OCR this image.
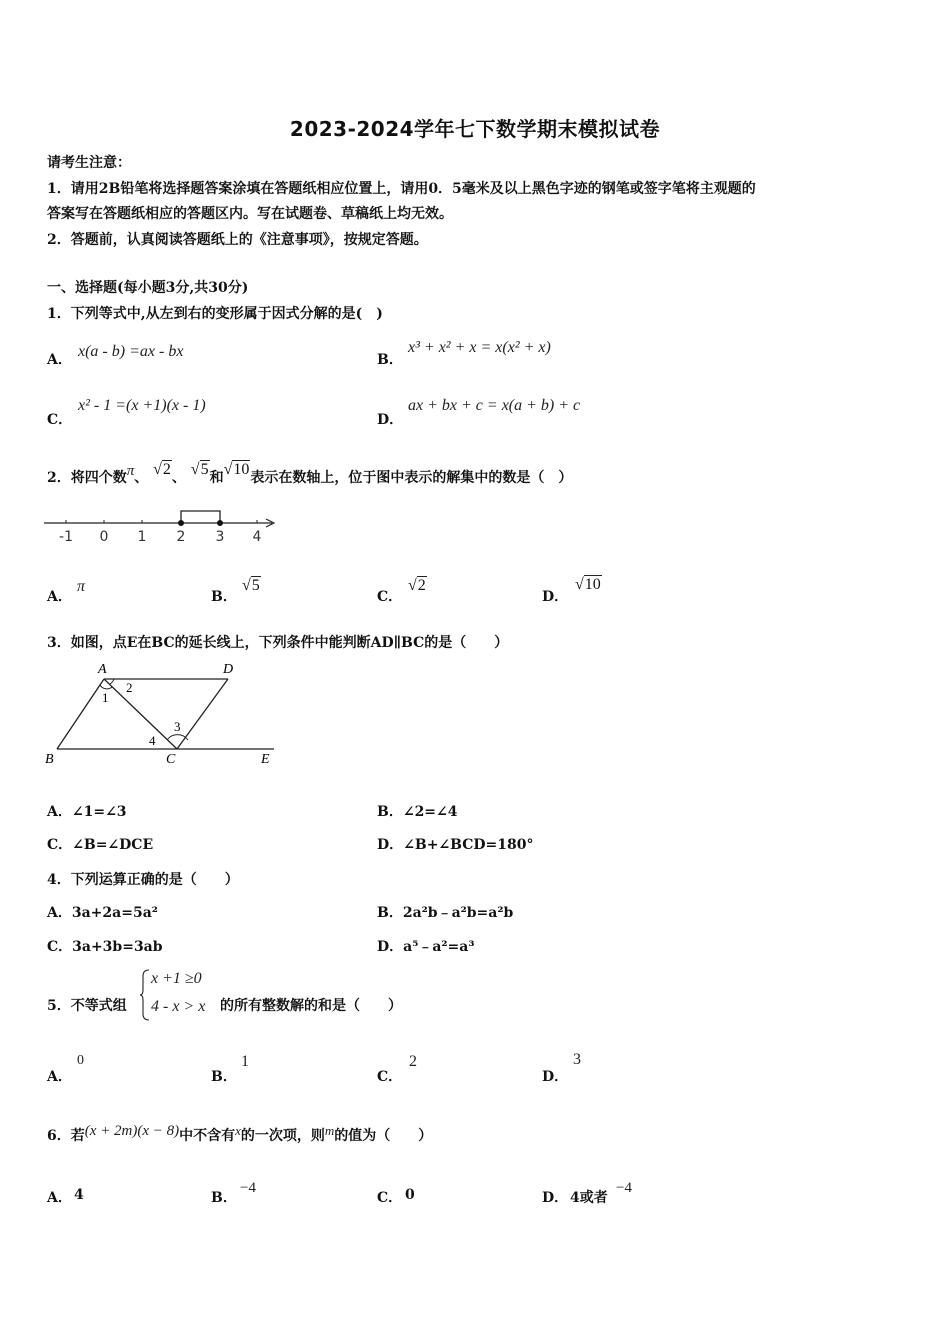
2023-2024学年七下数学期末模拟试卷
请考生注意：
1．请用2B铅笔将选择题答案涂填在答题纸相应位置上，请用0．5毫米及以上黑色字迹的钢笔或签字笔将主观题的
答案写在答题纸相应的答题区内。写在试题卷、草稿纸上均无效。
2．答题前，认真阅读答题纸上的《注意事项》，按规定答题。
一、选择题(每小题3分,共30分)
1．下列等式中,从左到右的变形属于因式分解的是(　)
A． x(a - b) =ax - bx	B．
x³ + x² + x = x(x² + x)
C．
x² - 1 =(x +1)(x - 1)
D．
ax + bx + c = x(a + b) + c
2．将四个数π、 √2、 √5和√10表示在数轴上，位于图中表示的解集中的数是（　）
-1 0 1 2 3 4
A．
π
B．
√5
C．
√2
D．
√10
3．如图，点E在BC的延长线上，下列条件中能判断AD∥BC的是（　　）
A	D
B	C	E
1
2
3
4
A．∠1=∠3	B．∠2=∠4
C．∠B=∠DCE	D．∠B+∠BCD=180°
4．下列运算正确的是（　　）
A．3a+2a=5a²	B．2a²b﹣a²b=a²b
C．3a+3b=3ab	D．a⁵﹣a²=a³
5．不等式组
x +1 ≥0
4 - x > x 的所有整数解的和是（　　）
A．
0
B．
1
C．
2
D．
3
6．若(x + 2m)(x − 8)中不含有x的一次项，则m的值为（　　）
A． 4	B．
−4
C． 0	D． 4或者
−4
